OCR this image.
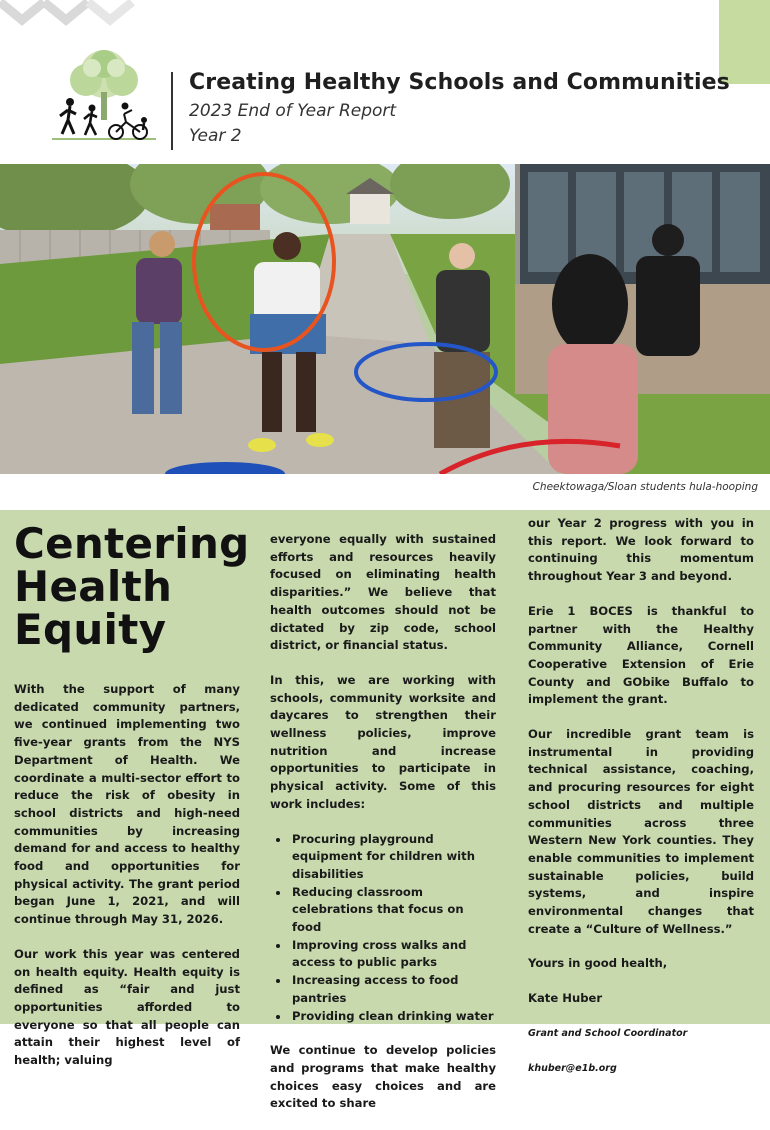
Creating Healthy Schools and Communities
2023 End of Year Report
Year 2
Cheektowaga/Sloan students hula-hooping
Centering
Health
Equity

With the support of many dedicated community partners, we continued implementing two five-year grants from the NYS Department of Health. We coordinate a multi-sector effort to reduce the risk of obesity in school districts and high-need communities by increasing demand for and access to healthy food and opportunities for physical activity. The grant period began June 1, 2021, and will continue through May 31, 2026.

Our work this year was centered on health equity. Health equity is defined as “fair and just opportunities afforded to everyone so that all people can attain their highest level of health; valuing

everyone equally with sustained efforts and resources heavily focused on eliminating health disparities.” We believe that health outcomes should not be dictated by zip code, school district, or financial status.

In this, we are working with schools, community worksite and daycares to strengthen their wellness policies, improve nutrition and increase opportunities to participate in physical activity. Some of this work includes:

• Procuring playground equipment for children with disabilities
• Reducing classroom celebrations that focus on food
• Improving cross walks and access to public parks
• Increasing access to food pantries
• Providing clean drinking water

We continue to develop policies and programs that make healthy choices easy choices and are excited to share

our Year 2 progress with you in this report. We look forward to continuing this momentum throughout Year 3 and beyond.

Erie 1 BOCES is thankful to partner with the Healthy Community Alliance, Cornell Cooperative Extension of Erie County and GObike Buffalo to implement the grant.

Our incredible grant team is instrumental in providing technical assistance, coaching, and procuring resources for eight school districts and multiple communities across three Western New York counties. They enable communities to implement sustainable policies, build systems, and inspire environmental changes that create a “Culture of Wellness.”

Yours in good health,

Kate Huber

Grant and School Coordinator

khuber@e1b.org
